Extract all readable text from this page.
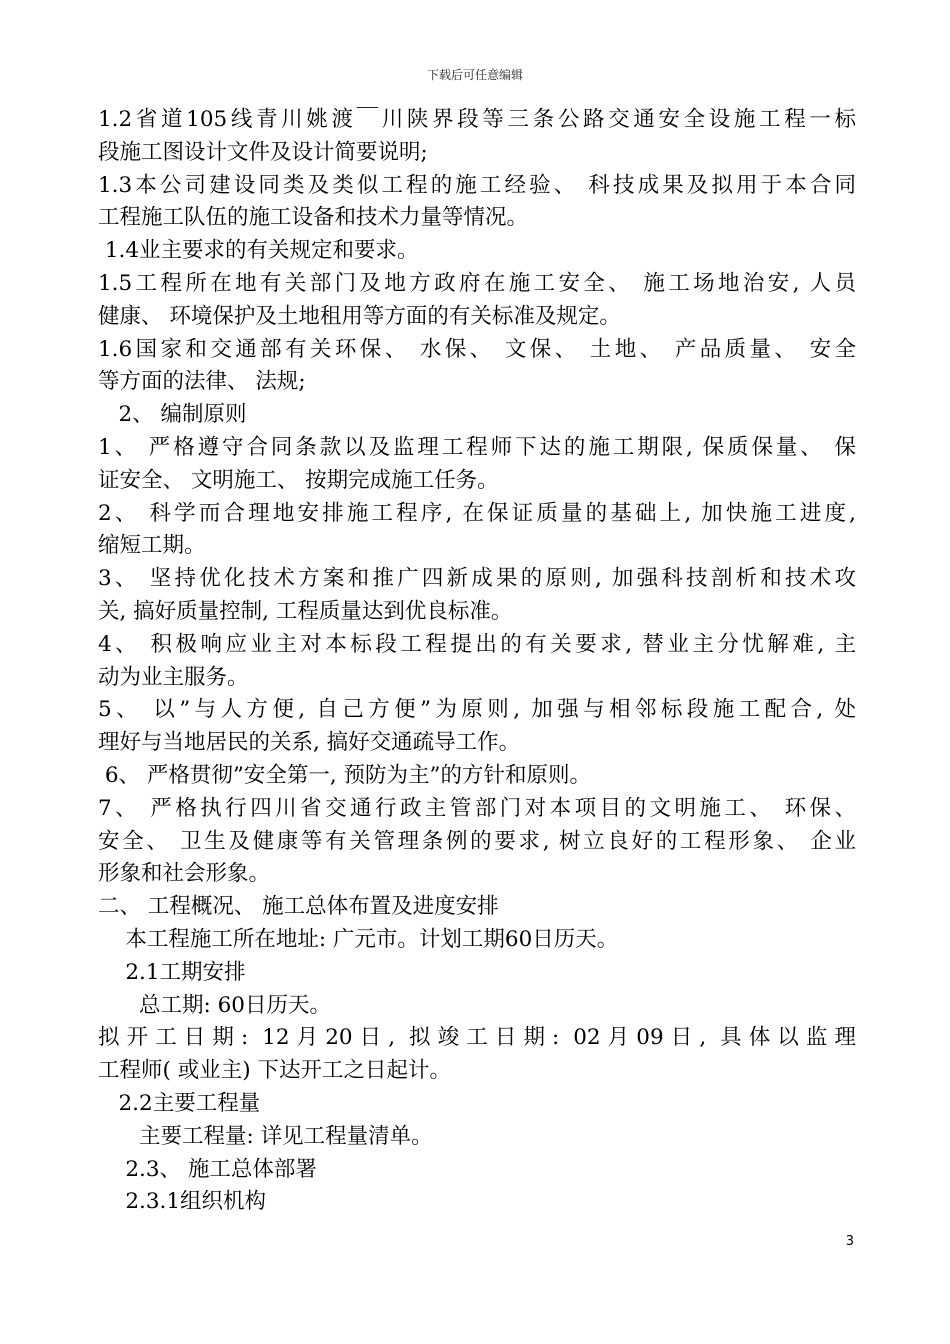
下载后可任意编辑
1.2省道105线青川姚渡￣川陕界段等三条公路交通安全设施工程一标
段施工图设计文件及设计简要说明;
1.3本公司建设同类及类似工程的施工经验、 科技成果及拟用于本合同
工程施工队伍的施工设备和技术力量等情况。
1.4业主要求的有关规定和要求。
1.5工程所在地有关部门及地方政府在施工安全、 施工场地治安, 人员
健康、 环境保护及土地租用等方面的有关标准及规定。
1.6国家和交通部有关环保、 水保、 文保、 土地、 产品质量、 安全
等方面的法律、 法规;
2、 编制原则
1、 严格遵守合同条款以及监理工程师下达的施工期限, 保质保量、 保
证安全、 文明施工、 按期完成施工任务。
2、 科学而合理地安排施工程序, 在保证质量的基础上, 加快施工进度,
缩短工期。
3、 坚持优化技术方案和推广四新成果的原则, 加强科技剖析和技术攻
关, 搞好质量控制, 工程质量达到优良标准。
4、 积极响应业主对本标段工程提出的有关要求, 替业主分忧解难, 主
动为业主服务。
5、 以”与人方便, 自己方便”为原则, 加强与相邻标段施工配合, 处
理好与当地居民的关系, 搞好交通疏导工作。
6、 严格贯彻”安全第一, 预防为主”的方针和原则。
7、 严格执行四川省交通行政主管部门对本项目的文明施工、 环保、
安全、 卫生及健康等有关管理条例的要求, 树立良好的工程形象、 企业
形象和社会形象。
二、 工程概况、 施工总体布置及进度安排
本工程施工所在地址: 广元市。计划工期60日历天。
2.1工期安排
总工期: 60日历天。
拟开工日期: 12月20日, 拟竣工日期: 02月09日, 具体以监理
工程师( 或业主) 下达开工之日起计。
2.2主要工程量
主要工程量: 详见工程量清单。
2.3、 施工总体部署
2.3.1组织机构
3
